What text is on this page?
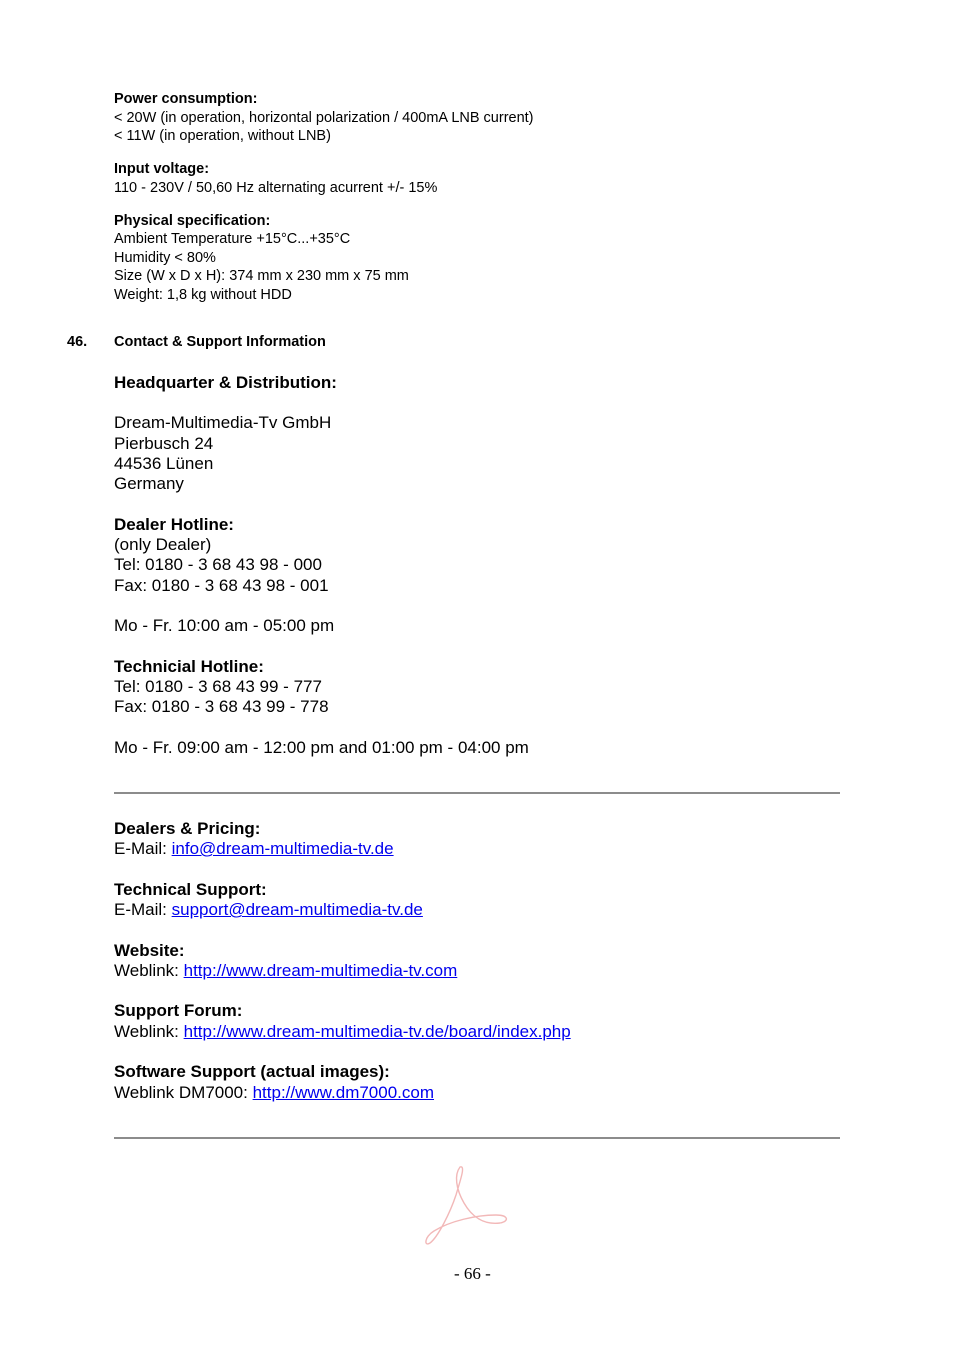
Power consumption:
< 20W (in operation, horizontal polarization / 400mA LNB current)
< 11W (in operation, without LNB)
Input voltage:
110 - 230V / 50,60 Hz alternating acurrent +/- 15%
Physical specification:
Ambient Temperature +15°C...+35°C
Humidity < 80%
Size (W x D x H): 374 mm x 230 mm x 75 mm
Weight: 1,8 kg without HDD
46. Contact & Support Information
Headquarter & Distribution:
Dream-Multimedia-Tv GmbH
Pierbusch 24
44536 Lünen
Germany
Dealer Hotline:
(only Dealer)
Tel: 0180 - 3 68 43 98 - 000
Fax: 0180 - 3 68 43 98 - 001
Mo - Fr. 10:00 am - 05:00 pm
Technicial Hotline:
Tel: 0180 - 3 68 43 99 - 777
Fax: 0180 - 3 68 43 99 - 778
Mo - Fr. 09:00 am - 12:00 pm and 01:00 pm - 04:00 pm
Dealers & Pricing:
E-Mail: info@dream-multimedia-tv.de
Technical Support:
E-Mail: support@dream-multimedia-tv.de
Website:
Weblink: http://www.dream-multimedia-tv.com
Support Forum:
Weblink: http://www.dream-multimedia-tv.de/board/index.php
Software Support (actual images):
Weblink DM7000: http://www.dm7000.com
- 66 -
